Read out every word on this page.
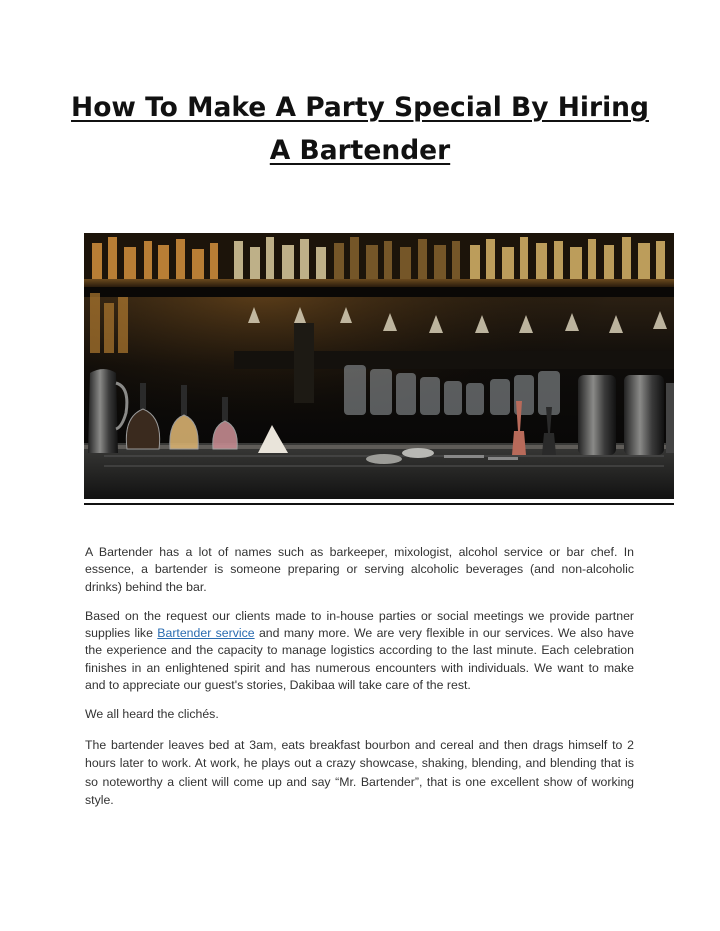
How To Make A Party Special By Hiring A Bartender

A Bartender has a lot of names such as barkeeper, mixologist, alcohol service or bar chef. In essence, a bartender is someone preparing or serving alcoholic beverages (and non-alcoholic drinks) behind the bar.

Based on the request our clients made to in-house parties or social meetings we provide partner supplies like Bartender service and many more. We are very flexible in our services. We also have the experience and the capacity to manage logistics according to the last minute. Each celebration finishes in an enlightened spirit and has numerous encounters with individuals. We want to make and to appreciate our guest's stories, Dakibaa will take care of the rest.

We all heard the clichés.

The bartender leaves bed at 3am, eats breakfast bourbon and cereal and then drags himself to 2 hours later to work. At work, he plays out a crazy showcase, shaking, blending, and blending that is so noteworthy a client will come up and say “Mr. Bartender”, that is one excellent show of working style.
